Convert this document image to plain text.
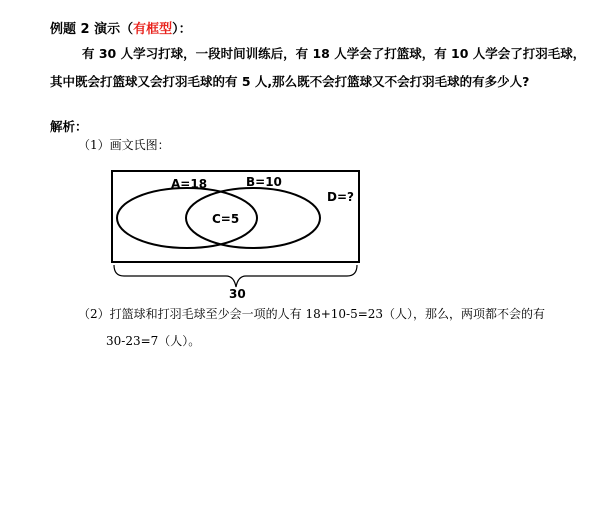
例题 2 演示（有框型）：
有 30 人学习打球，一段时间训练后，有 18 人学会了打篮球，有 10 人学会了打羽毛球，
其中既会打篮球又会打羽毛球的有 5 人,那么既不会打篮球又不会打羽毛球的有多少人?
解析：
（1）画文氏图：
A=18	B=10
C=5
D=?
30
（2）打篮球和打羽毛球至少会一项的人有 18+10-5=23（人），那么，两项都不会的有
30-23=7（人）。
